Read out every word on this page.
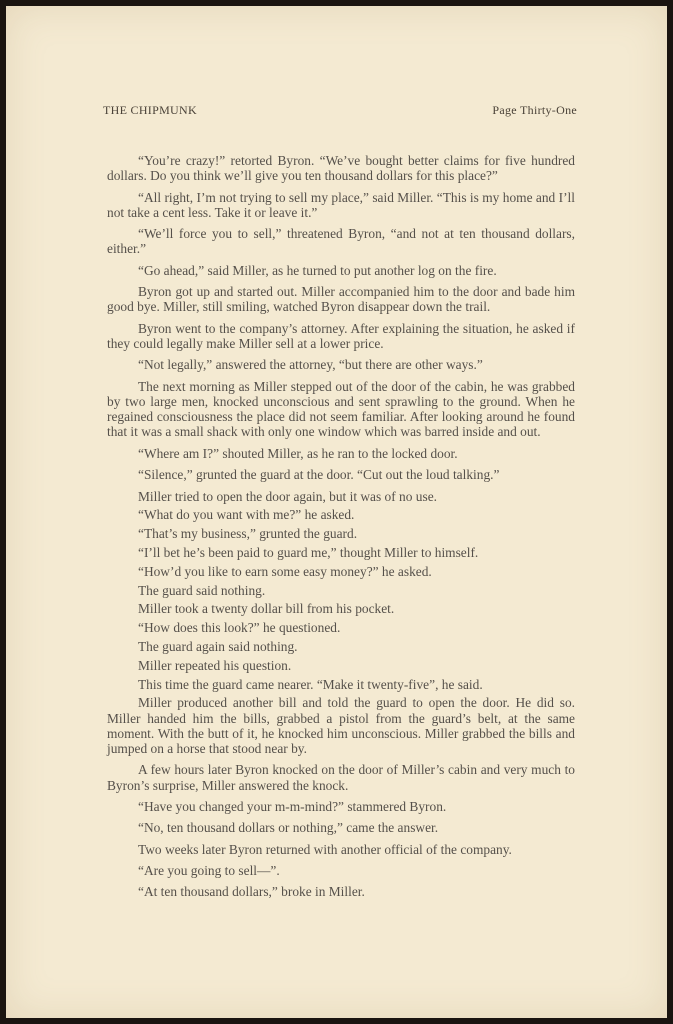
THE CHIPMUNK	Page Thirty-One

“You’re crazy!” retorted Byron. “We’ve bought better claims for five hundred dollars. Do you think we’ll give you ten thousand dollars for this place?”

“All right, I’m not trying to sell my place,” said Miller. “This is my home and I’ll not take a cent less. Take it or leave it.”

“We’ll force you to sell,” threatened Byron, “and not at ten thousand dollars, either.”

“Go ahead,” said Miller, as he turned to put another log on the fire.

Byron got up and started out. Miller accompanied him to the door and bade him good bye. Miller, still smiling, watched Byron disappear down the trail.

Byron went to the company’s attorney. After explaining the situation, he asked if they could legally make Miller sell at a lower price.

“Not legally,” answered the attorney, “but there are other ways.”

The next morning as Miller stepped out of the door of the cabin, he was grabbed by two large men, knocked unconscious and sent sprawling to the ground. When he regained consciousness the place did not seem familiar. After looking around he found that it was a small shack with only one window which was barred inside and out.

“Where am I?” shouted Miller, as he ran to the locked door.

“Silence,” grunted the guard at the door. “Cut out the loud talking.”

Miller tried to open the door again, but it was of no use.

“What do you want with me?” he asked.

“That’s my business,” grunted the guard.

“I’ll bet he’s been paid to guard me,” thought Miller to himself.

“How’d you like to earn some easy money?” he asked.

The guard said nothing.

Miller took a twenty dollar bill from his pocket.

“How does this look?” he questioned.

The guard again said nothing.

Miller repeated his question.

This time the guard came nearer. “Make it twenty-five”, he said.

Miller produced another bill and told the guard to open the door. He did so. Miller handed him the bills, grabbed a pistol from the guard’s belt, at the same moment. With the butt of it, he knocked him unconscious. Miller grabbed the bills and jumped on a horse that stood near by.

A few hours later Byron knocked on the door of Miller’s cabin and very much to Byron’s surprise, Miller answered the knock.

“Have you changed your m-m-mind?” stammered Byron.

“No, ten thousand dollars or nothing,” came the answer.

Two weeks later Byron returned with another official of the company.

“Are you going to sell—”.

“At ten thousand dollars,” broke in Miller.
